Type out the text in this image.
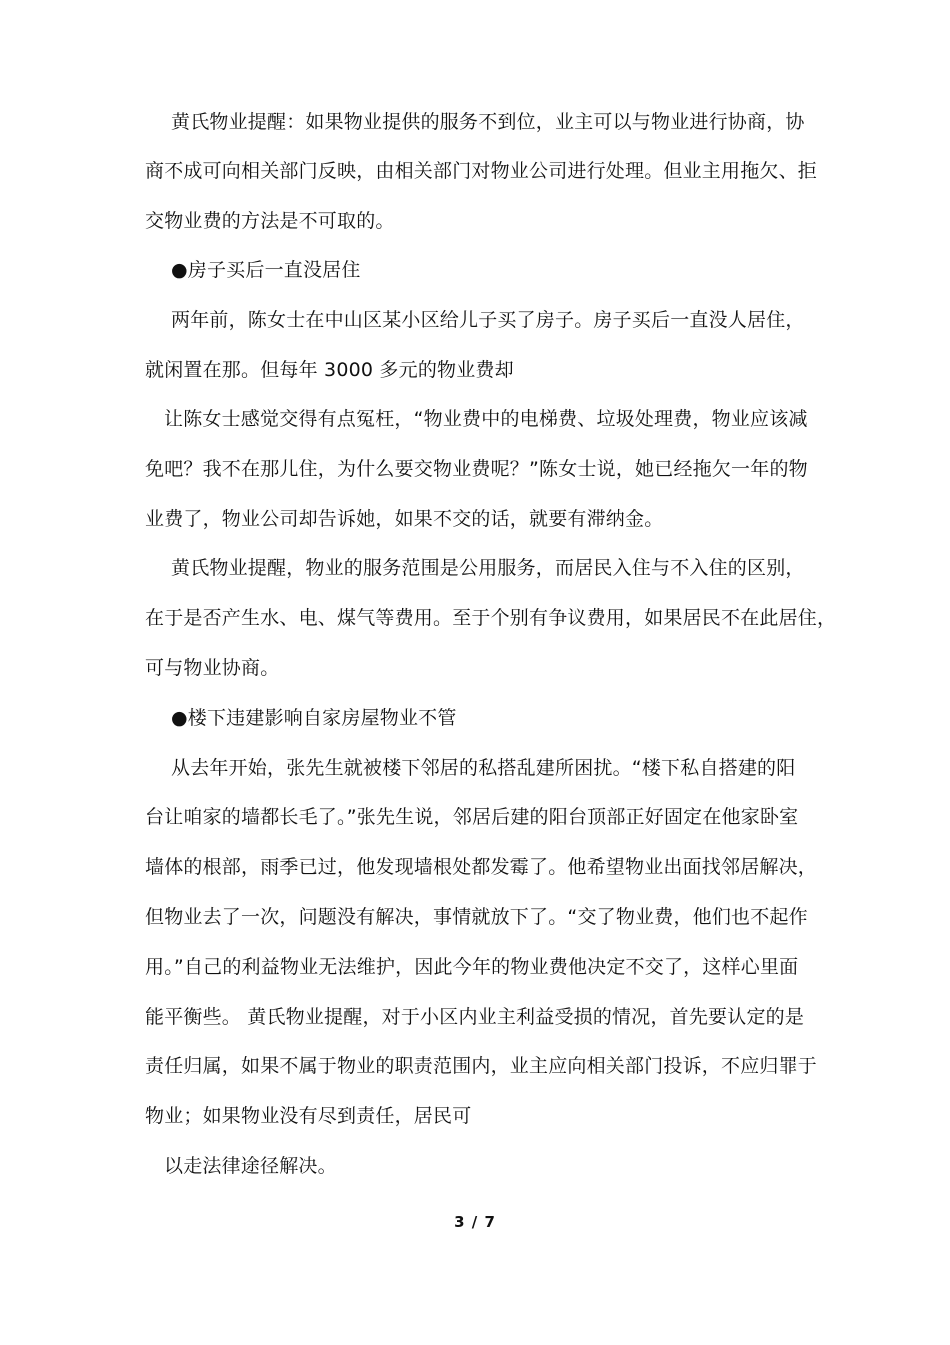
黄氏物业提醒：如果物业提供的服务不到位，业主可以与物业进行协商，协
商不成可向相关部门反映，由相关部门对物业公司进行处理。但业主用拖欠、拒
交物业费的方法是不可取的。
●房子买后一直没居住
两年前，陈女士在中山区某小区给儿子买了房子。房子买后一直没人居住，
就闲置在那。但每年 3000 多元的物业费却
让陈女士感觉交得有点冤枉，“物业费中的电梯费、垃圾处理费，物业应该减
免吧？我不在那儿住，为什么要交物业费呢？”陈女士说，她已经拖欠一年的物
业费了，物业公司却告诉她，如果不交的话，就要有滞纳金。
黄氏物业提醒，物业的服务范围是公用服务，而居民入住与不入住的区别，
在于是否产生水、电、煤气等费用。至于个别有争议费用，如果居民不在此居住，
可与物业协商。
●楼下违建影响自家房屋物业不管
从去年开始，张先生就被楼下邻居的私搭乱建所困扰。“楼下私自搭建的阳
台让咱家的墙都长毛了。”张先生说，邻居后建的阳台顶部正好固定在他家卧室
墙体的根部，雨季已过，他发现墙根处都发霉了。他希望物业出面找邻居解决，
但物业去了一次，问题没有解决，事情就放下了。“交了物业费，他们也不起作
用。”自己的利益物业无法维护，因此今年的物业费他决定不交了，这样心里面
能平衡些。 黄氏物业提醒，对于小区内业主利益受损的情况，首先要认定的是
责任归属，如果不属于物业的职责范围内，业主应向相关部门投诉，不应归罪于
物业；如果物业没有尽到责任，居民可
以走法律途径解决。
3 / 7
